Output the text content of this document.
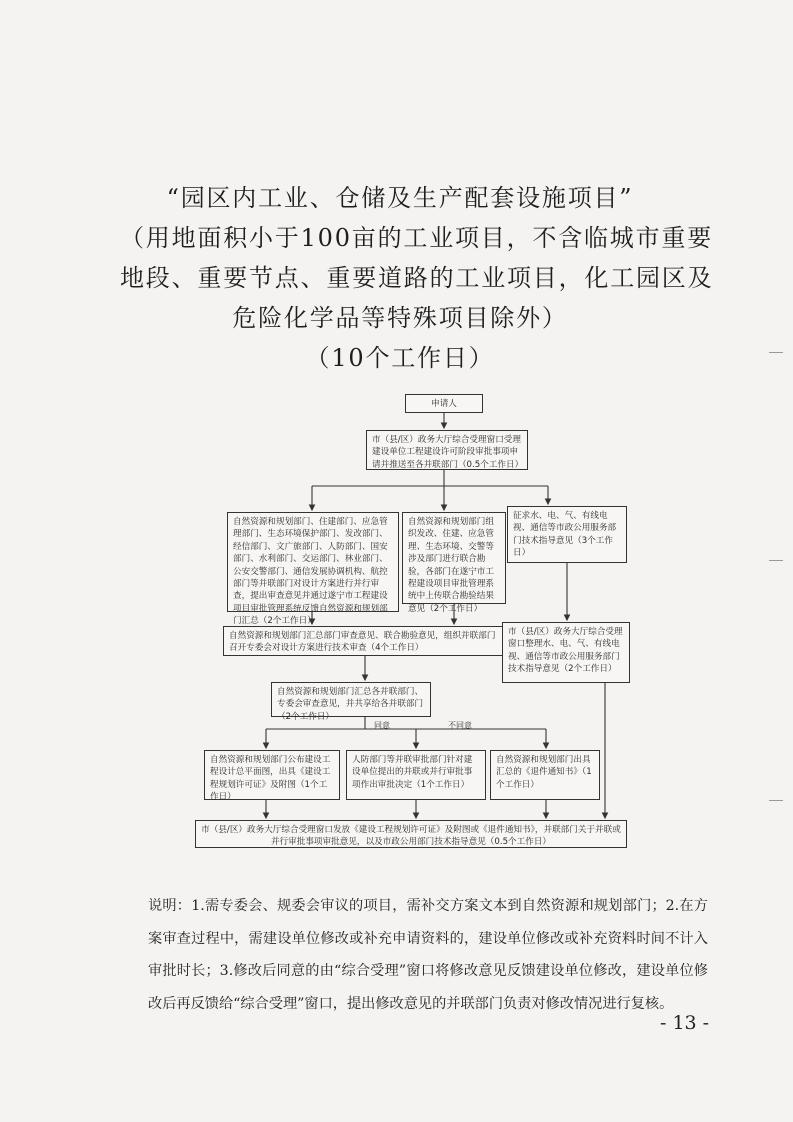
“园区内工业、仓储及生产配套设施项目”
（用地面积小于100亩的工业项目，不含临城市重要
地段、重要节点、重要道路的工业项目，化工园区及
危险化学品等特殊项目除外）
（10个工作日）
申请人
市（县/区）政务大厅综合受理窗口受理建设单位工程建设许可阶段审批事项申请并推送至各并联部门（0.5个工作日）
自然资源和规划部门、住建部门、应急管理部门、生态环境保护部门、发改部门、经信部门、文广旅部门、人防部门、国安部门、水利部门、交运部门、林业部门、公安交警部门、通信发展协调机构、航控部门等并联部门对设计方案进行并行审查，提出审查意见并通过遂宁市工程建设项目审批管理系统反馈自然资源和规划部门汇总（2个工作日）
自然资源和规划部门组织发改、住建、应急管理、生态环境、交警等涉及部门进行联合勘验，各部门在遂宁市工程建设项目审批管理系统中上传联合勘验结果意见（2个工作日）
征求水、电、气、有线电视、通信等市政公用服务部门技术指导意见（3个工作日）
自然资源和规划部门汇总部门审查意见、联合勘验意见，组织并联部门召开专委会对设计方案进行技术审查（4个工作日）
市（县/区）政务大厅综合受理窗口整理水、电、气、有线电视、通信等市政公用服务部门技术指导意见（2个工作日）
自然资源和规划部门汇总各并联部门、专委会审查意见，并共享给各并联部门（2个工作日）
同意	不同意
自然资源和规划部门公布建设工程设计总平面图，出具《建设工程规划许可证》及附图（1个工作日）
人防部门等并联审批部门针对建设单位提出的并联或并行审批事项作出审批决定（1个工作日）
自然资源和规划部门出具汇总的《退件通知书》（1个工作日）
市（县/区）政务大厅综合受理窗口发放《建设工程规划许可证》及附图或《退件通知书》，并联部门关于并联或并行审批事项审批意见，以及市政公用部门技术指导意见（0.5个工作日）

说明：1.需专委会、规委会审议的项目，需补交方案文本到自然资源和规划部门；2.在方案审查过程中，需建设单位修改或补充申请资料的，建设单位修改或补充资料时间不计入审批时长；3.修改后同意的由“综合受理”窗口将修改意见反馈建设单位修改，建设单位修改后再反馈给“综合受理”窗口，提出修改意见的并联部门负责对修改情况进行复核。

- 13 -
